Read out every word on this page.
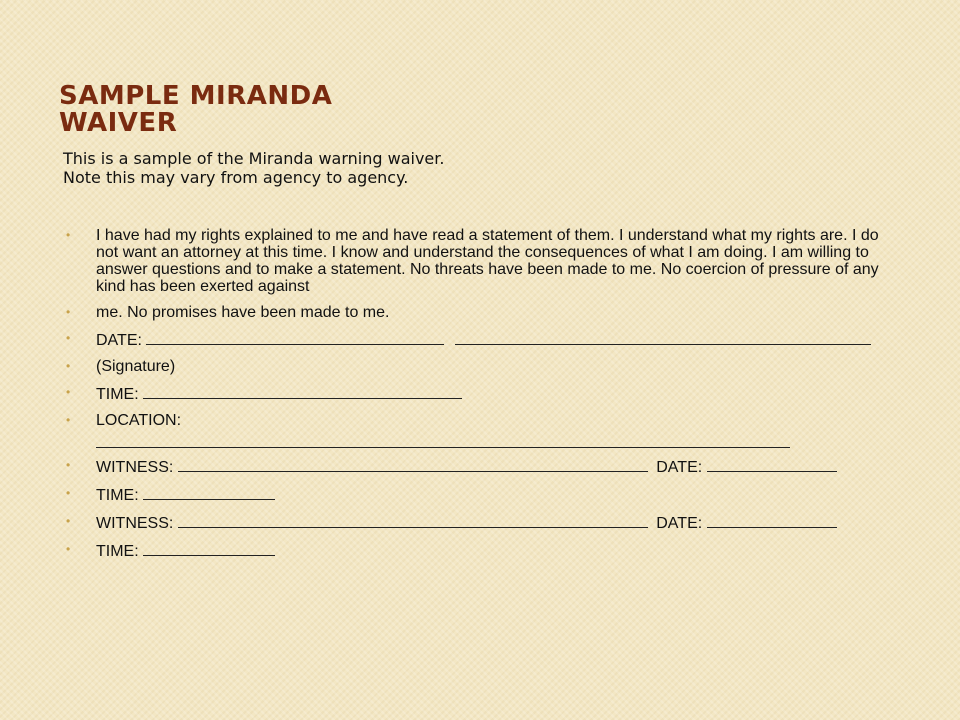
SAMPLE MIRANDA WAIVER
This is a sample of the Miranda warning waiver. Note this may vary from agency to agency.
• I have had my rights explained to me and have read a statement of them. I understand what my rights are. I do not want an attorney at this time. I know and understand the consequences of what I am doing. I am willing to answer questions and to make a statement. No threats have been made to me. No coercion of pressure of any kind has been exerted against
• me. No promises have been made to me.
• DATE:
• (Signature)
• TIME:
• LOCATION:
• WITNESS:	DATE:
• TIME:
• WITNESS:	DATE:
• TIME:
